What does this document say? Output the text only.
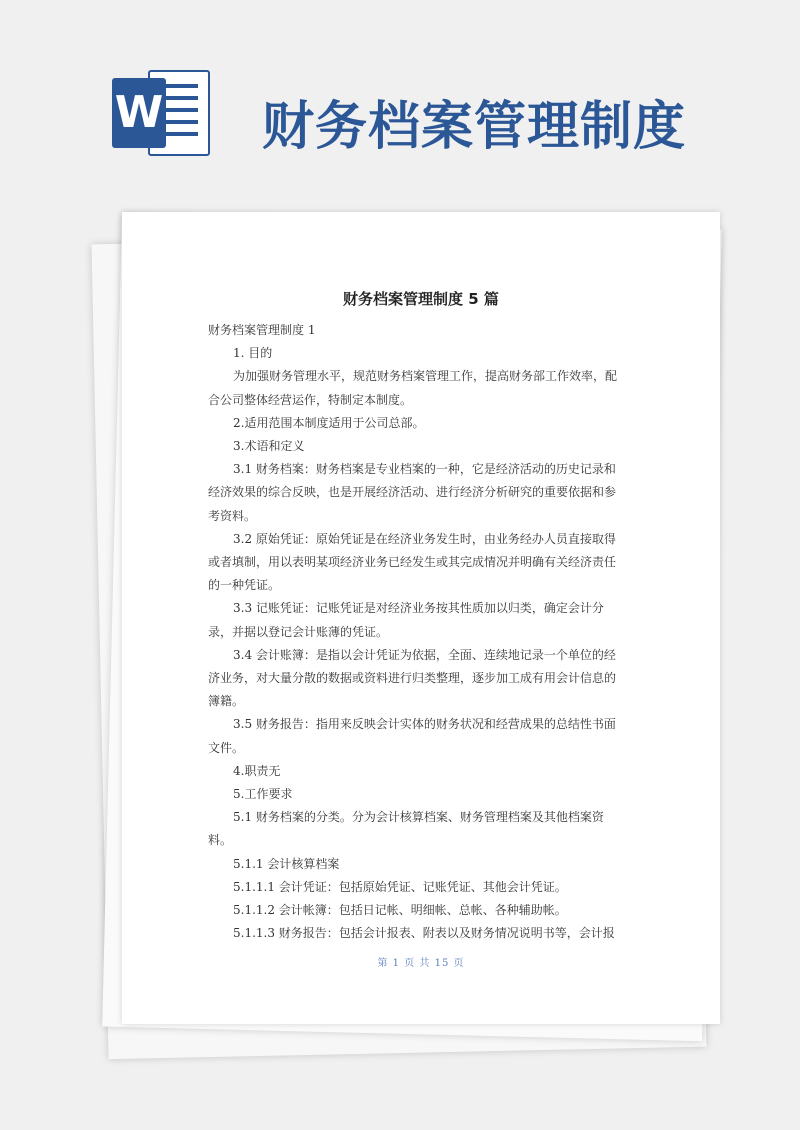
W 财务档案管理制度
财务档案管理制度 5 篇

财务档案管理制度 1

1. 目的

为加强财务管理水平，规范财务档案管理工作，提高财务部工作效率，配合公司整体经营运作，特制定本制度。

2.适用范围本制度适用于公司总部。

3.术语和定义

3.1 财务档案：财务档案是专业档案的一种，它是经济活动的历史记录和经济效果的综合反映，也是开展经济活动、进行经济分析研究的重要依据和参考资料。

3.2 原始凭证：原始凭证是在经济业务发生时，由业务经办人员直接取得或者填制，用以表明某项经济业务已经发生或其完成情况并明确有关经济责任的一种凭证。

3.3 记账凭证：记账凭证是对经济业务按其性质加以归类，确定会计分录，并据以登记会计账薄的凭证。

3.4 会计账簿：是指以会计凭证为依据，全面、连续地记录一个单位的经济业务，对大量分散的数据或资料进行归类整理，逐步加工成有用会计信息的簿籍。

3.5 财务报告：指用来反映会计实体的财务状况和经营成果的总结性书面文件。

4.职责无

5.工作要求

5.1 财务档案的分类。分为会计核算档案、财务管理档案及其他档案资料。

5.1.1 会计核算档案

5.1.1.1 会计凭证：包括原始凭证、记账凭证、其他会计凭证。

5.1.1.2 会计帐簿：包括日记帐、明细帐、总帐、各种辅助帐。

5.1.1.3 财务报告：包括会计报表、附表以及财务情况说明书等，会计报

第 1 页 共 15 页
